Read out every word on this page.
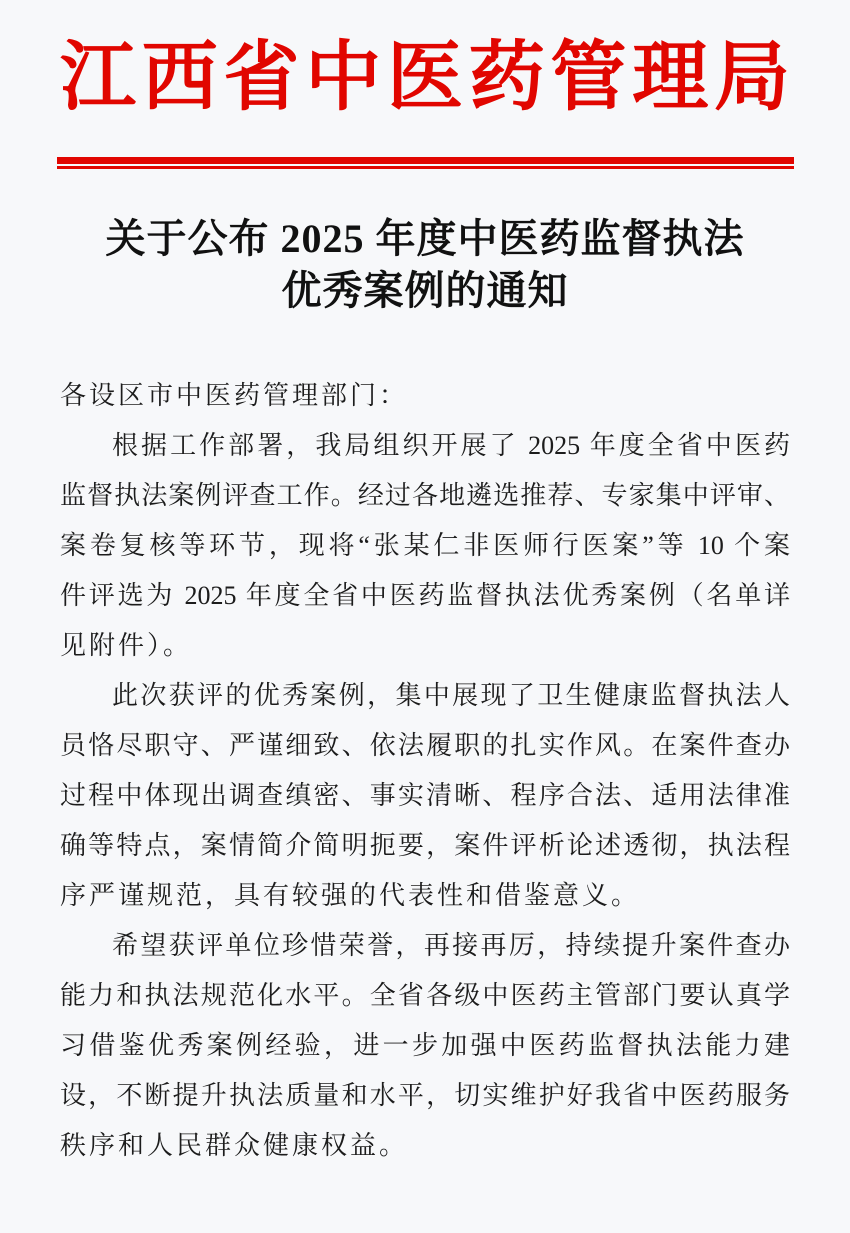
江西省中医药管理局
关于公布 2025 年度中医药监督执法
优秀案例的通知
各设区市中医药管理部门：
根据工作部署，我局组织开展了 2025 年度全省中医药
监督执法案例评查工作。经过各地遴选推荐、专家集中评审、
案卷复核等环节，现将“张某仁非医师行医案”等 10 个案
件评选为 2025 年度全省中医药监督执法优秀案例（名单详
见附件）。
此次获评的优秀案例，集中展现了卫生健康监督执法人
员恪尽职守、严谨细致、依法履职的扎实作风。在案件查办
过程中体现出调查缜密、事实清晰、程序合法、适用法律准
确等特点，案情简介简明扼要，案件评析论述透彻，执法程
序严谨规范，具有较强的代表性和借鉴意义。
希望获评单位珍惜荣誉，再接再厉，持续提升案件查办
能力和执法规范化水平。全省各级中医药主管部门要认真学
习借鉴优秀案例经验，进一步加强中医药监督执法能力建
设，不断提升执法质量和水平，切实维护好我省中医药服务
秩序和人民群众健康权益。
